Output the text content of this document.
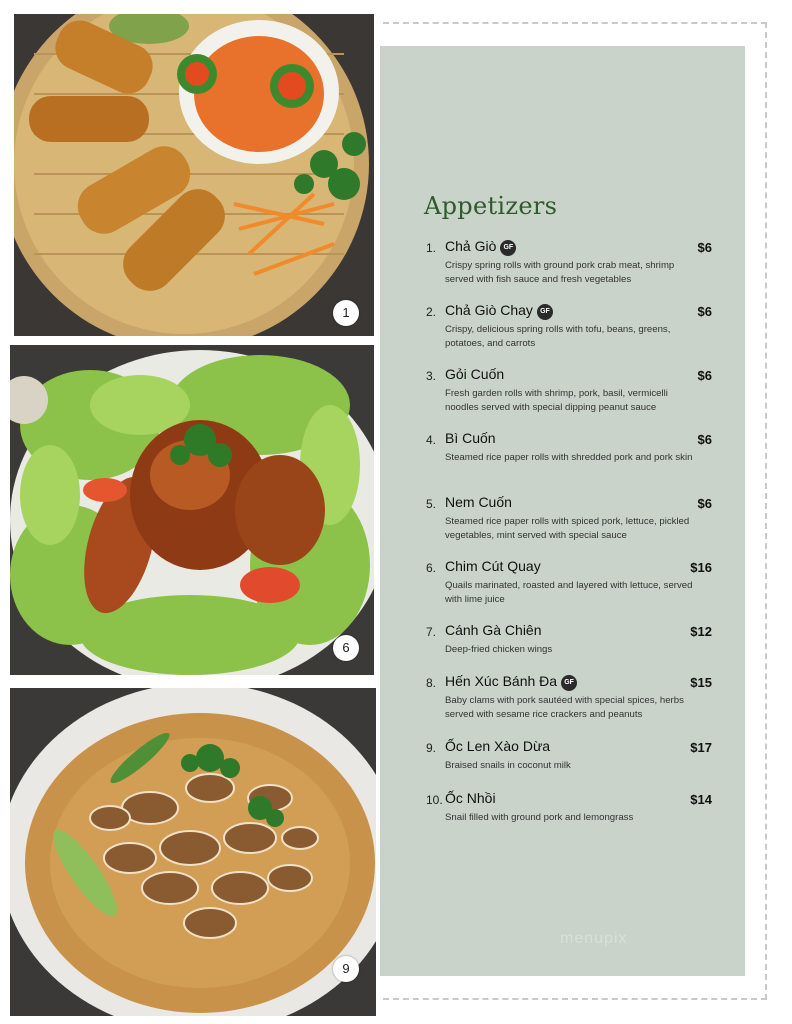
1
6
9
Appetizers
1. Chả Giò GF	$6
Crispy spring rolls with ground pork crab meat, shrimp served with fish sauce and fresh vegetables
2. Chả Giò Chay GF	$6
Crispy, delicious spring rolls with tofu, beans, greens, potatoes, and carrots
3. Gỏi Cuốn	$6
Fresh garden rolls with shrimp, pork, basil, vermicelli noodles served with special dipping peanut sauce
4. Bì Cuốn	$6
Steamed rice paper rolls with shredded pork and pork skin
5. Nem Cuốn	$6
Steamed rice paper rolls with spiced pork, lettuce, pickled vegetables, mint served with special sauce
6. Chim Cút Quay	$16
Quails marinated, roasted and layered with lettuce, served with lime juice
7. Cánh Gà Chiên	$12
Deep-fried chicken wings
8. Hến Xúc Bánh Đa GF	$15
Baby clams with pork sautéed with special spices, herbs served with sesame rice crackers and peanuts
9. Ốc Len Xào Dừa	$17
Braised snails in coconut milk
10. Ốc Nhồi	$14
Snail filled with ground pork and lemongrass
menupix
